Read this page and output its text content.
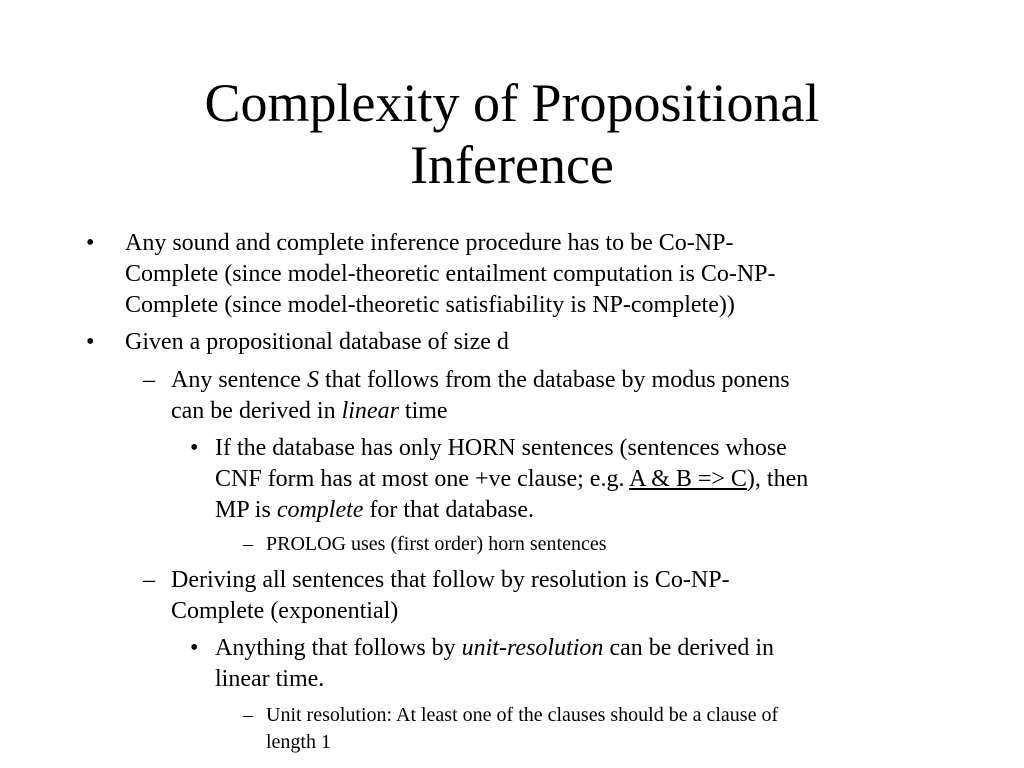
Complexity of Propositional
Inference
• Any sound and complete inference procedure has to be Co-NP-
Complete (since model-theoretic entailment computation is Co-NP-
Complete (since model-theoretic satisfiability is NP-complete))
• Given a propositional database of size d
– Any sentence S that follows from the database by modus ponens
can be derived in linear time
• If the database has only HORN sentences (sentences whose
CNF form has at most one +ve clause; e.g. A & B => C), then
MP is complete for that database.
– PROLOG uses (first order) horn sentences
– Deriving all sentences that follow by resolution is Co-NP-
Complete (exponential)
• Anything that follows by unit-resolution can be derived in
linear time.
– Unit resolution: At least one of the clauses should be a clause of
length 1
